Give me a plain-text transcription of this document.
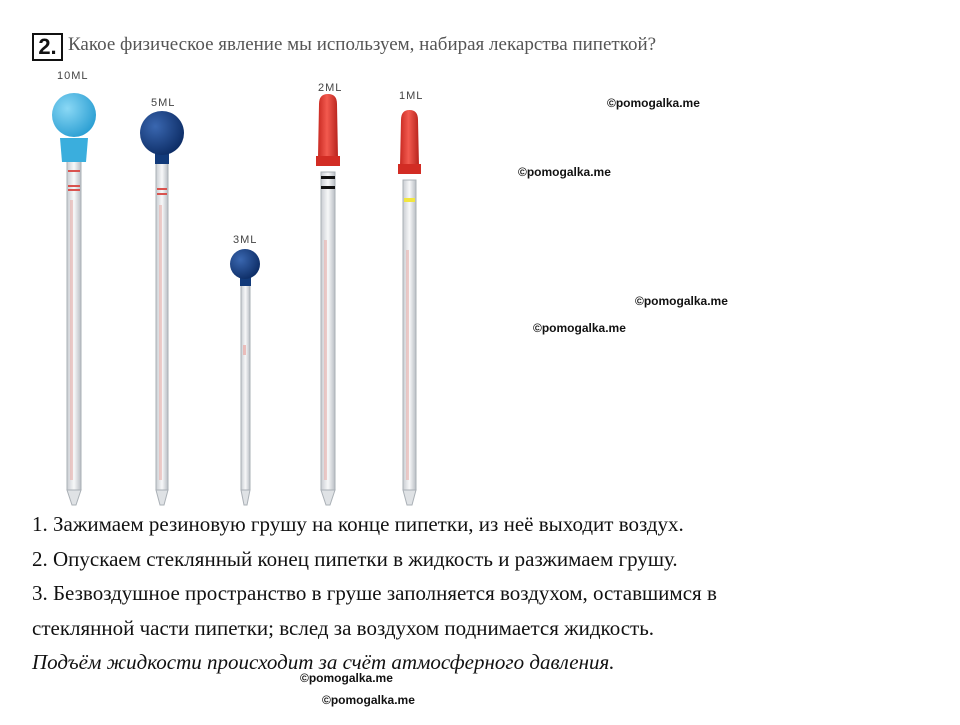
2. Какое физическое явление мы используем, набирая лекарства пипеткой?
10ML
5ML
3ML
2ML
1ML	©pomogalka.me
©pomogalka.me
©pomogalka.me
©pomogalka.me
©pomogalka.me
©pomogalka.me
1. Зажимаем резиновую грушу на конце пипетки, из неё выходит воздух.
2. Опускаем стеклянный конец пипетки в жидкость и разжимаем грушу.
3. Безвоздушное пространство в груше заполняется воздухом, оставшимся в
стеклянной части пипетки; вслед за воздухом поднимается жидкость.
Подъём жидкости происходит за счёт атмосферного давления.
